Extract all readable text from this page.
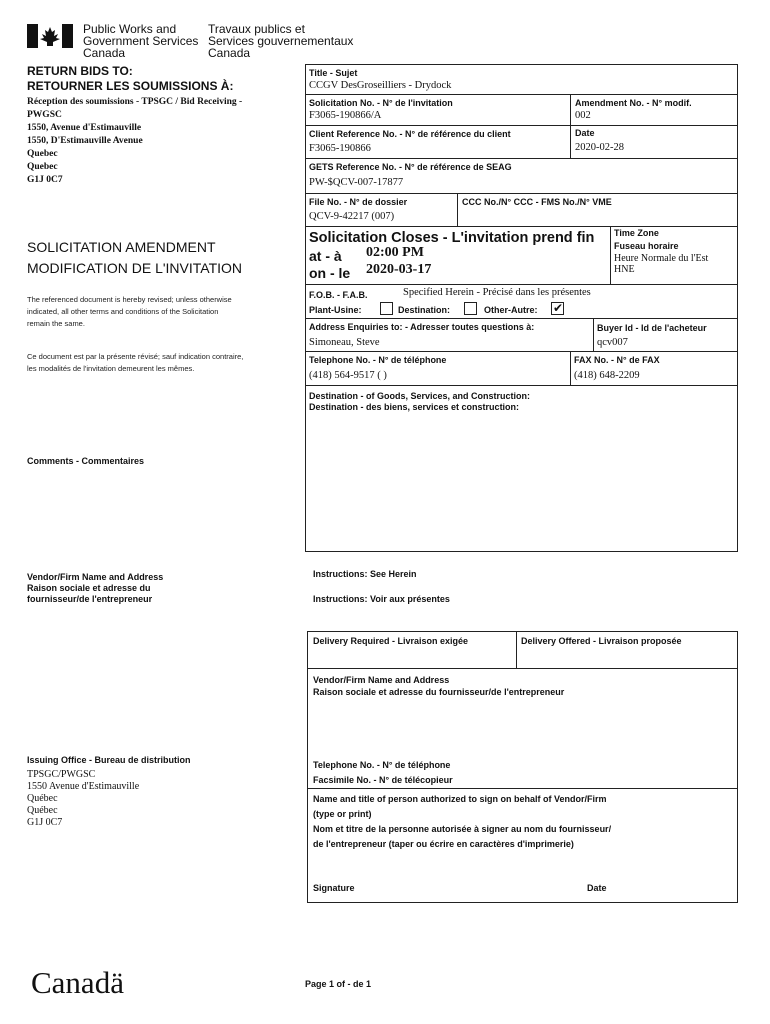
Public Works and
Government Services
Canada
Travaux publics et
Services gouvernementaux
Canada
RETURN BIDS TO:
RETOURNER LES SOUMISSIONS À:
Réception des soumissions - TPSGC / Bid Receiving -
PWGSC
1550, Avenue d'Estimauville
1550, D'Estimauville Avenue
Quebec
Quebec
G1J 0C7
SOLICITATION AMENDMENT
MODIFICATION DE L'INVITATION
The referenced document is hereby revised; unless otherwise
indicated, all other terms and conditions of the Solicitation
remain the same.
Ce document est par la présente révisé; sauf indication contraire,
les modalités de l'invitation demeurent les mêmes.
Comments - Commentaires
Vendor/Firm Name and Address
Raison sociale et adresse du
fournisseur/de l'entrepreneur
Issuing Office - Bureau de distribution
TPSGC/PWGSC
1550 Avenue d'Estimauville
Québec
Québec
G1J 0C7
Title - Sujet
CCGV DesGroseilliers - Drydock
Solicitation No. - N° de l'invitation
F3065-190866/A
Amendment No. - N° modif.
002
Client Reference No. - N° de référence du client
F3065-190866
Date
2020-02-28
GETS Reference No. - N° de référence de SEAG
PW-$QCV-007-17877
File No. - N° de dossier
QCV-9-42217 (007)
CCC No./N° CCC - FMS No./N° VME
Solicitation Closes - L'invitation prend fin
at - à 02:00 PM
on - le 2020-03-17
Time Zone
Fuseau horaire
Heure Normale du l'Est
HNE
F.O.B. - F.A.B.	Specified Herein - Précisé dans les présentes
Plant-Usine:	Destination:	Other-Autre: ✔
Address Enquiries to: - Adresser toutes questions à:
Simoneau, Steve
Buyer Id - Id de l'acheteur
qcv007
Telephone No. - N° de téléphone
(418) 564-9517 ( )
FAX No. - N° de FAX
(418) 648-2209
Destination - of Goods, Services, and Construction:
Destination - des biens, services et construction:
Instructions: See Herein
Instructions: Voir aux présentes
Delivery Required - Livraison exigée	Delivery Offered - Livraison proposée
Vendor/Firm Name and Address
Raison sociale et adresse du fournisseur/de l'entrepreneur
Telephone No. - N° de téléphone
Facsimile No. - N° de télécopieur
Name and title of person authorized to sign on behalf of Vendor/Firm
(type or print)
Nom et titre de la personne autorisée à signer au nom du fournisseur/
de l'entrepreneur (taper ou écrire en caractères d'imprimerie)
Signature	Date
Canadä	Page 1 of - de 1
